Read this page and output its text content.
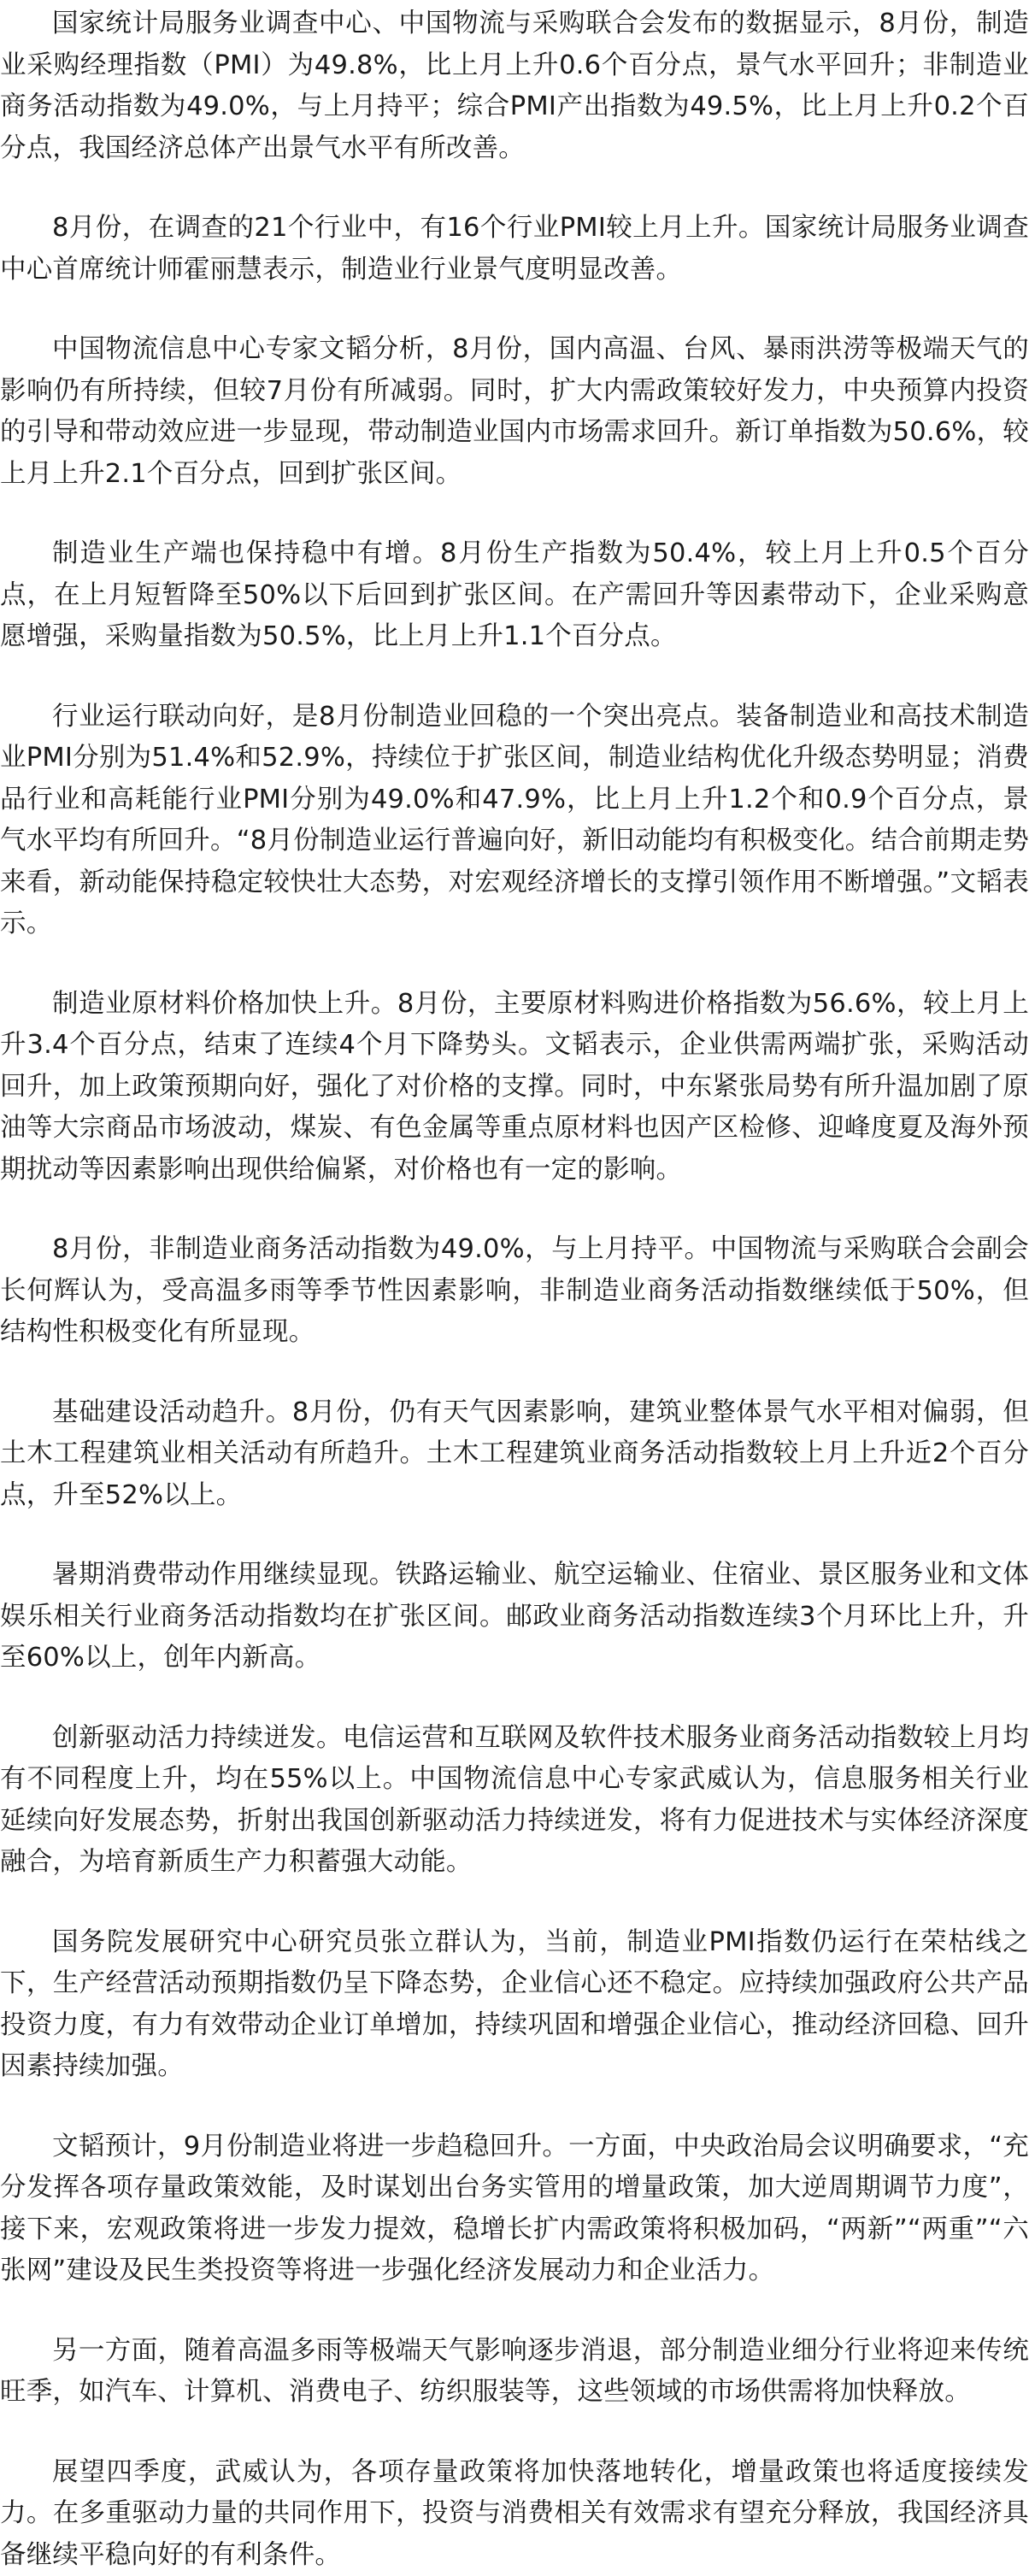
国家统计局服务业调查中心、中国物流与采购联合会发布的数据显示，8月份，制造业采购经理指数（PMI）为49.8%，比上月上升0.6个百分点，景气水平回升；非制造业商务活动指数为49.0%，与上月持平；综合PMI产出指数为49.5%，比上月上升0.2个百分点，我国经济总体产出景气水平有所改善。

8月份，在调查的21个行业中，有16个行业PMI较上月上升。国家统计局服务业调查中心首席统计师霍丽慧表示，制造业行业景气度明显改善。

中国物流信息中心专家文韬分析，8月份，国内高温、台风、暴雨洪涝等极端天气的影响仍有所持续，但较7月份有所减弱。同时，扩大内需政策较好发力，中央预算内投资的引导和带动效应进一步显现，带动制造业国内市场需求回升。新订单指数为50.6%，较上月上升2.1个百分点，回到扩张区间。

制造业生产端也保持稳中有增。8月份生产指数为50.4%，较上月上升0.5个百分点，在上月短暂降至50%以下后回到扩张区间。在产需回升等因素带动下，企业采购意愿增强，采购量指数为50.5%，比上月上升1.1个百分点。

行业运行联动向好，是8月份制造业回稳的一个突出亮点。装备制造业和高技术制造业PMI分别为51.4%和52.9%，持续位于扩张区间，制造业结构优化升级态势明显；消费品行业和高耗能行业PMI分别为49.0%和47.9%，比上月上升1.2个和0.9个百分点，景气水平均有所回升。“8月份制造业运行普遍向好，新旧动能均有积极变化。结合前期走势来看，新动能保持稳定较快壮大态势，对宏观经济增长的支撑引领作用不断增强。”文韬表示。

制造业原材料价格加快上升。8月份，主要原材料购进价格指数为56.6%，较上月上升3.4个百分点，结束了连续4个月下降势头。文韬表示，企业供需两端扩张，采购活动回升，加上政策预期向好，强化了对价格的支撑。同时，中东紧张局势有所升温加剧了原油等大宗商品市场波动，煤炭、有色金属等重点原材料也因产区检修、迎峰度夏及海外预期扰动等因素影响出现供给偏紧，对价格也有一定的影响。

8月份，非制造业商务活动指数为49.0%，与上月持平。中国物流与采购联合会副会长何辉认为，受高温多雨等季节性因素影响，非制造业商务活动指数继续低于50%，但结构性积极变化有所显现。

基础建设活动趋升。8月份，仍有天气因素影响，建筑业整体景气水平相对偏弱，但土木工程建筑业相关活动有所趋升。土木工程建筑业商务活动指数较上月上升近2个百分点，升至52%以上。

暑期消费带动作用继续显现。铁路运输业、航空运输业、住宿业、景区服务业和文体娱乐相关行业商务活动指数均在扩张区间。邮政业商务活动指数连续3个月环比上升，升至60%以上，创年内新高。

创新驱动活力持续迸发。电信运营和互联网及软件技术服务业商务活动指数较上月均有不同程度上升，均在55%以上。中国物流信息中心专家武威认为，信息服务相关行业延续向好发展态势，折射出我国创新驱动活力持续迸发，将有力促进技术与实体经济深度融合，为培育新质生产力积蓄强大动能。

国务院发展研究中心研究员张立群认为，当前，制造业PMI指数仍运行在荣枯线之下，生产经营活动预期指数仍呈下降态势，企业信心还不稳定。应持续加强政府公共产品投资力度，有力有效带动企业订单增加，持续巩固和增强企业信心，推动经济回稳、回升因素持续加强。

文韬预计，9月份制造业将进一步趋稳回升。一方面，中央政治局会议明确要求，“充分发挥各项存量政策效能，及时谋划出台务实管用的增量政策，加大逆周期调节力度”，接下来，宏观政策将进一步发力提效，稳增长扩内需政策将积极加码，“两新”“两重”“六张网”建设及民生类投资等将进一步强化经济发展动力和企业活力。

另一方面，随着高温多雨等极端天气影响逐步消退，部分制造业细分行业将迎来传统旺季，如汽车、计算机、消费电子、纺织服装等，这些领域的市场供需将加快释放。

展望四季度，武威认为，各项存量政策将加快落地转化，增量政策也将适度接续发力。在多重驱动力量的共同作用下，投资与消费相关有效需求有望充分释放，我国经济具备继续平稳向好的有利条件。
